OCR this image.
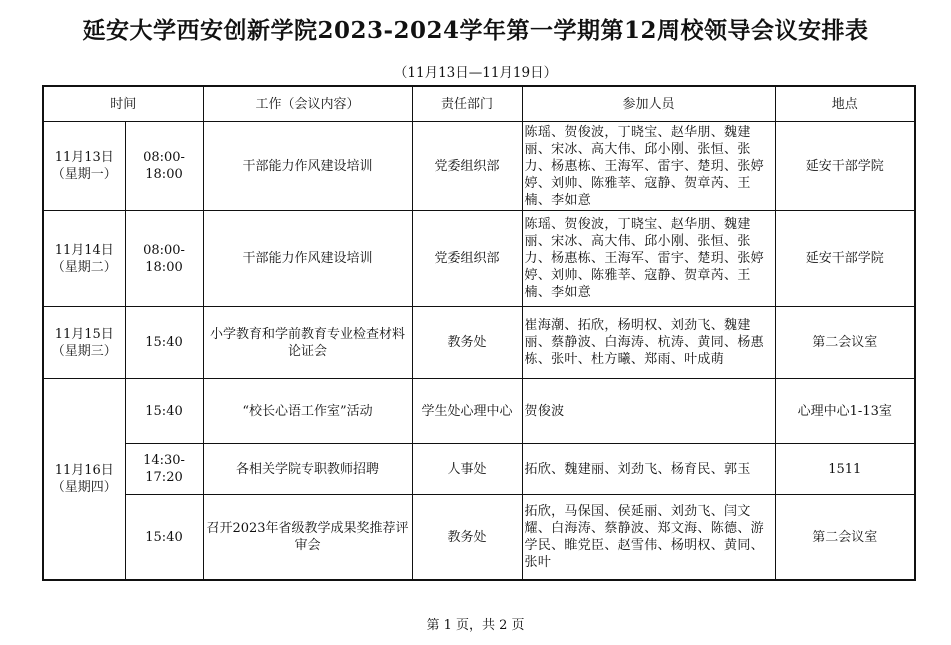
延安大学西安创新学院2023-2024学年第一学期第12周校领导会议安排表
（11月13日—11月19日）
时间		工作（会议内容）	责任部门	参加人员	地点

11月13日
（星期一）	08:00-18:00	干部能力作风建设培训	党委组织部	陈瑶、贺俊波，丁晓宝、赵华朋、魏建丽、宋冰、高大伟、邱小刚、张恒、张力、杨惠栋、王海军、雷宇、楚玥、张婷婷、刘帅、陈雅莘、寇静、贺章芮、王楠、李如意	延安干部学院

11月14日
（星期二）	08:00-18:00	干部能力作风建设培训	党委组织部	陈瑶、贺俊波，丁晓宝、赵华朋、魏建丽、宋冰、高大伟、邱小刚、张恒、张力、杨惠栋、王海军、雷宇、楚玥、张婷婷、刘帅、陈雅莘、寇静、贺章芮、王楠、李如意	延安干部学院

11月15日
（星期三）	15:40	小学教育和学前教育专业检查材料论证会	教务处	崔海潮、拓欣，杨明权、刘劲飞、魏建丽、蔡静波、白海涛、杭涛、黄同、杨惠栋、张叶、杜方曦、郑雨、叶成萌	第二会议室

11月16日
（星期四）	15:40	“校长心语工作室”活动	学生处心理中心	贺俊波	心理中心1-13室
	14:30-17:20	各相关学院专职教师招聘	人事处	拓欣、魏建丽、刘劲飞、杨育民、郭玉	1511
	15:40	召开2023年省级教学成果奖推荐评审会	教务处	拓欣，马保国、侯延丽、刘劲飞、闫文耀、白海涛、蔡静波、郑文海、陈德、游学民、睢党臣、赵雪伟、杨明权、黄同、张叶	第二会议室
第 1 页，共 2 页
